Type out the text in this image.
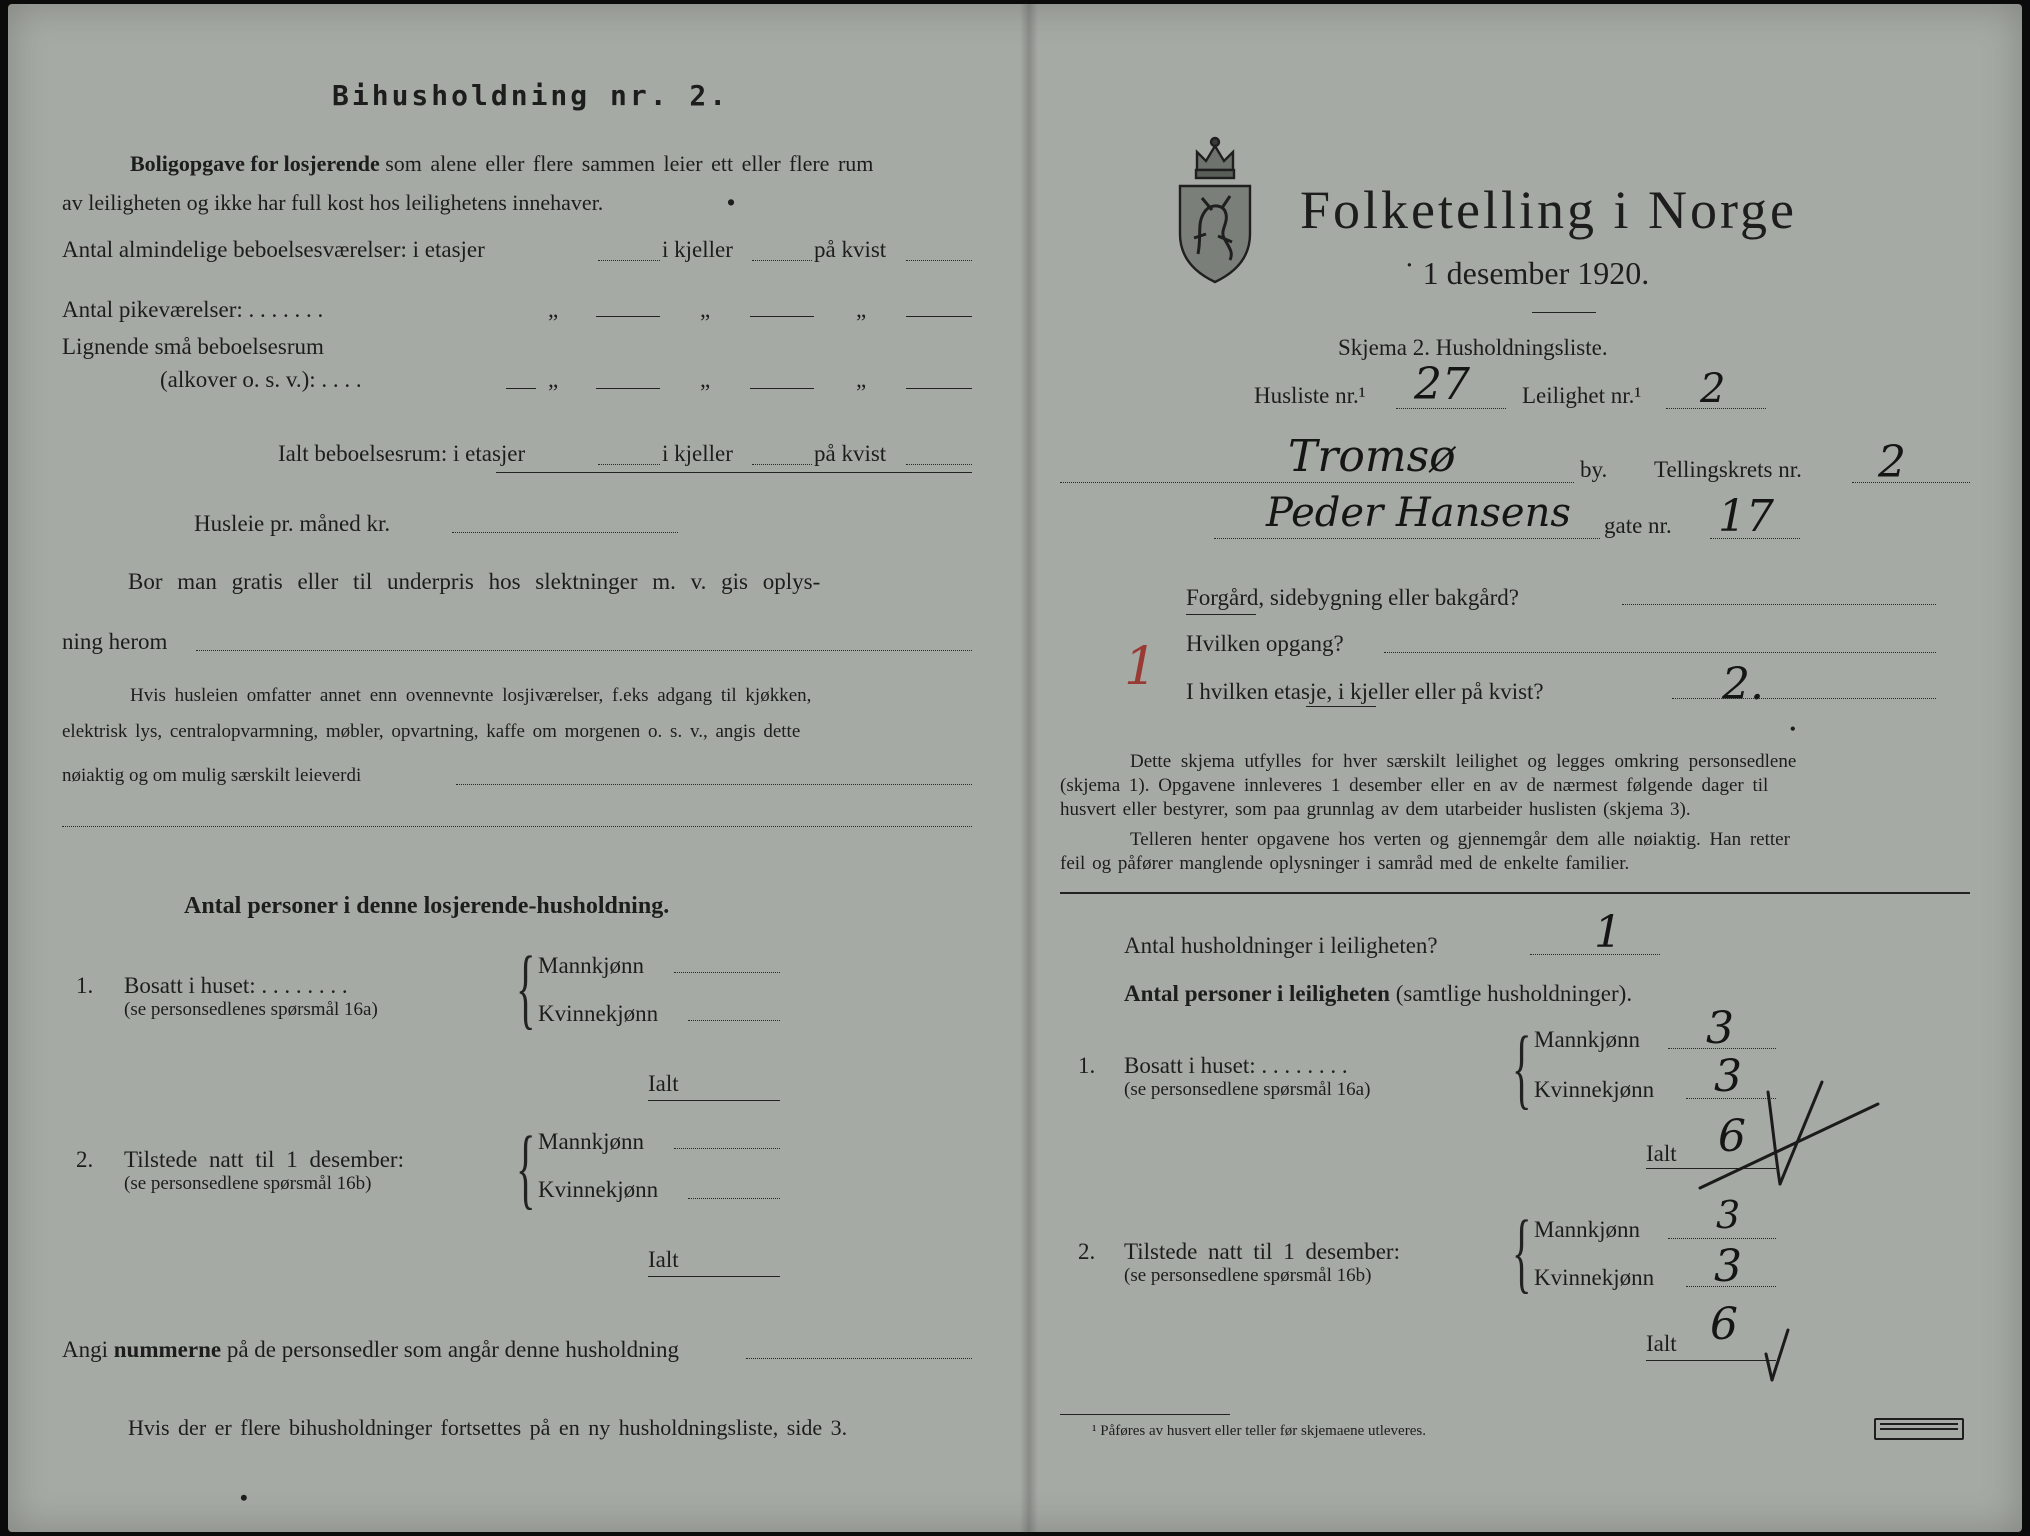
Bihusholdning nr. 2.
Boligopgave for losjerende som alene eller flere sammen leier ett eller flere rum
av leiligheten og ikke har full kost hos leilighetens innehaver.	•
Antal almindelige beboelsesværelser: i etasjer	i kjeller	på kvist
Antal pikeværelser: . . . . . . .	„	„	„
Lignende små beboelsesrum
(alkover o. s. v.): . . . .	„	„	„
Ialt beboelsesrum: i etasjer	i kjeller	på kvist
Husleie pr. måned kr.
Bor man gratis eller til underpris hos slektninger m. v. gis oplys-
ning herom
Hvis husleien omfatter annet enn ovennevnte losjiværelser, f.eks adgang til kjøkken,
elektrisk lys, centralopvarmning, møbler, opvartning, kaffe om morgenen o. s. v., angis dette
nøiaktig og om mulig særskilt leieverdi
Antal personer i denne losjerende-husholdning.
1. Bosatt i huset: . . . . . . . .
(se personsedlenes spørsmål 16a) { Mannkjønn
Kvinnekjønn
Ialt
2. Tilstede natt til 1 desember:
(se personsedlene spørsmål 16b) { Mannkjønn
Kvinnekjønn
Ialt
Angi nummerne på de personsedler som angår denne husholdning
Hvis der er flere bihusholdninger fortsettes på en ny husholdningsliste, side 3.
•
Folketelling i Norge
˙ 1 desember 1920.
Skjema 2. Husholdningsliste.
Husliste nr.¹ 27 Leilighet nr.¹ 2
Tromsø	by. Tellingskrets nr. 2
Peder Hansens gate nr. 17
Forgård, sidebygning eller bakgård?
Hvilken opgang?
1 I hvilken etasje, i kjeller eller på kvist?	2.
•
Dette skjema utfylles for hver særskilt leilighet og legges omkring personsedlene
(skjema 1). Opgavene innleveres 1 desember eller en av de nærmest følgende dager til
husvert eller bestyrer, som paa grunnlag av dem utarbeider huslisten (skjema 3).
Telleren henter opgavene hos verten og gjennemgår dem alle nøiaktig. Han retter
feil og påfører manglende oplysninger i samråd med de enkelte familier.
Antal husholdninger i leiligheten?	1
Antal personer i leiligheten (samtlige husholdninger).
1. Bosatt i huset: . . . . . . . .
(se personsedlene spørsmål 16a) { Mannkjønn 3
Kvinnekjønn 3
Ialt 6
2. Tilstede natt til 1 desember:
(se personsedlene spørsmål 16b) { Mannkjønn 3
Kvinnekjønn 3
Ialt 6
¹ Påføres av husvert eller teller før skjemaene utleveres.
